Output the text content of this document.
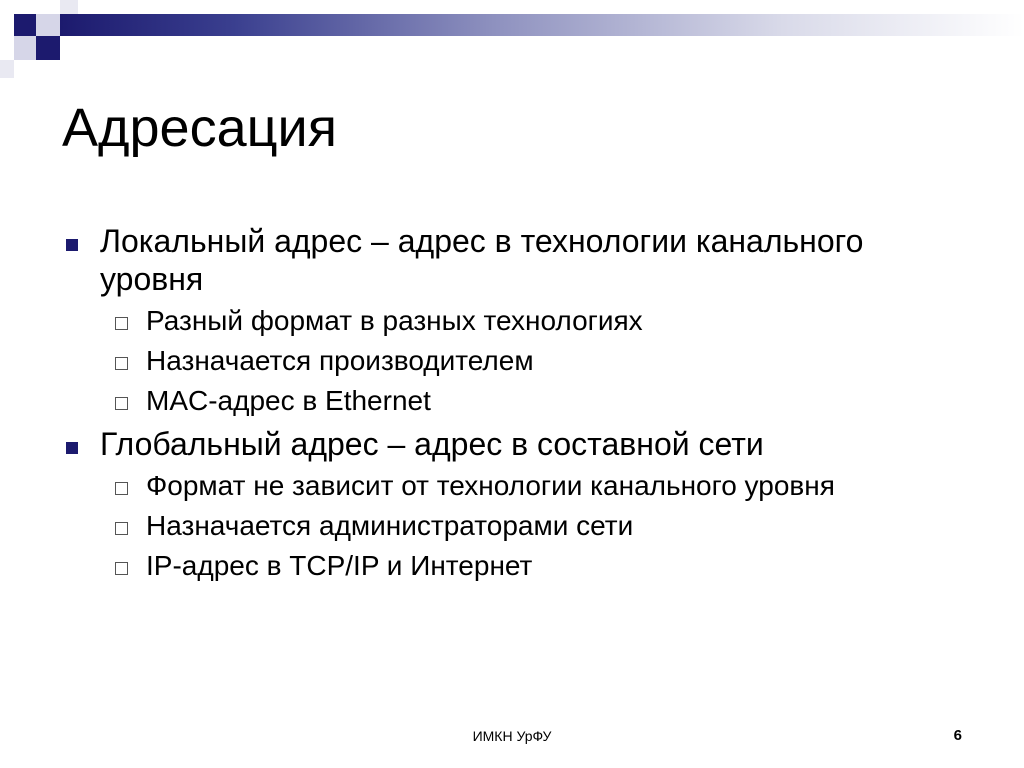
Адресация
Локальный адрес – адрес в технологии канального уровня
Разный формат в разных технологиях
Назначается производителем
MAC-адрес в Ethernet
Глобальный адрес – адрес в составной сети
Формат не зависит от технологии канального уровня
Назначается администраторами сети
IP-адрес в TCP/IP и Интернет
ИМКН УрФУ	6
